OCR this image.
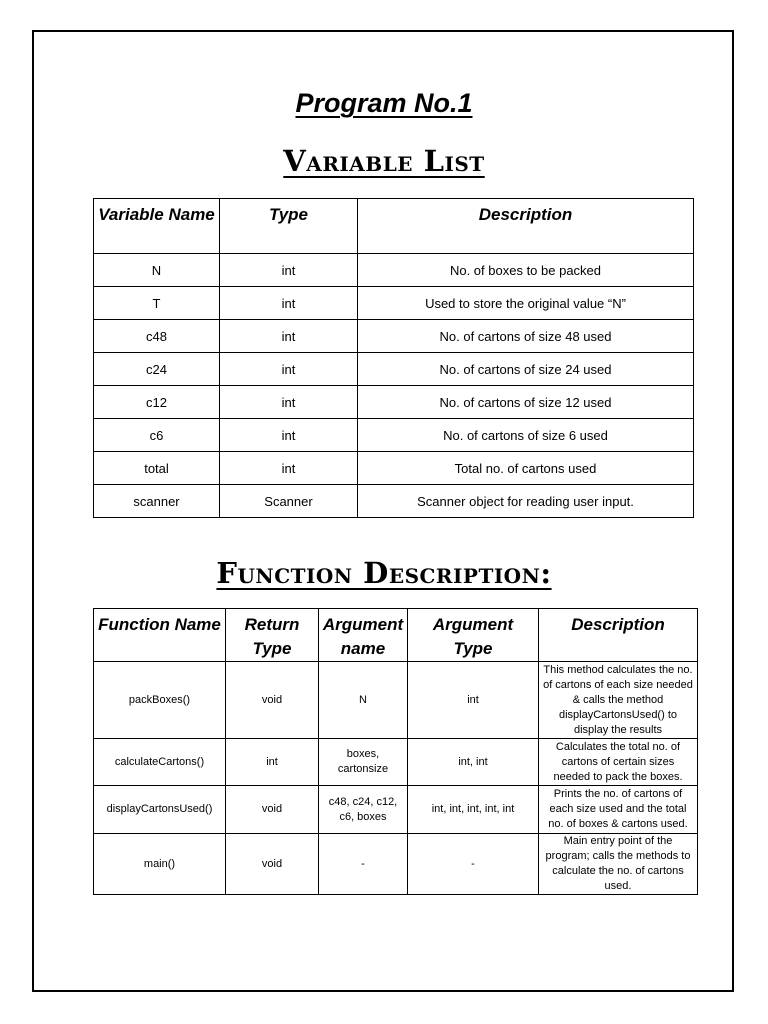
Program No.1
Variable List
Variable Name	Type	Description
N	int	No. of boxes to be packed
T	int	Used to store the original value “N”
c48	int	No. of cartons of size 48 used
c24	int	No. of cartons of size 24 used
c12	int	No. of cartons of size 12 used
c6	int	No. of cartons of size 6 used
total	int	Total no. of cartons used
scanner	Scanner	Scanner object for reading user input.
Function Description:
Function Name	Return Type	Argument name	Argument Type	Description
packBoxes()	void	N	int	This method calculates the no. of cartons of each size needed & calls the method displayCartonsUsed() to display the results
calculateCartons()	int	boxes, cartonsize	int, int	Calculates the total no. of cartons of certain sizes needed to pack the boxes.
displayCartonsUsed()	void	c48, c24, c12, c6, boxes	int, int, int, int, int	Prints the no. of cartons of each size used and the total no. of boxes & cartons used.
main()	void	-	-	Main entry point of the program; calls the methods to calculate the no. of cartons used.
